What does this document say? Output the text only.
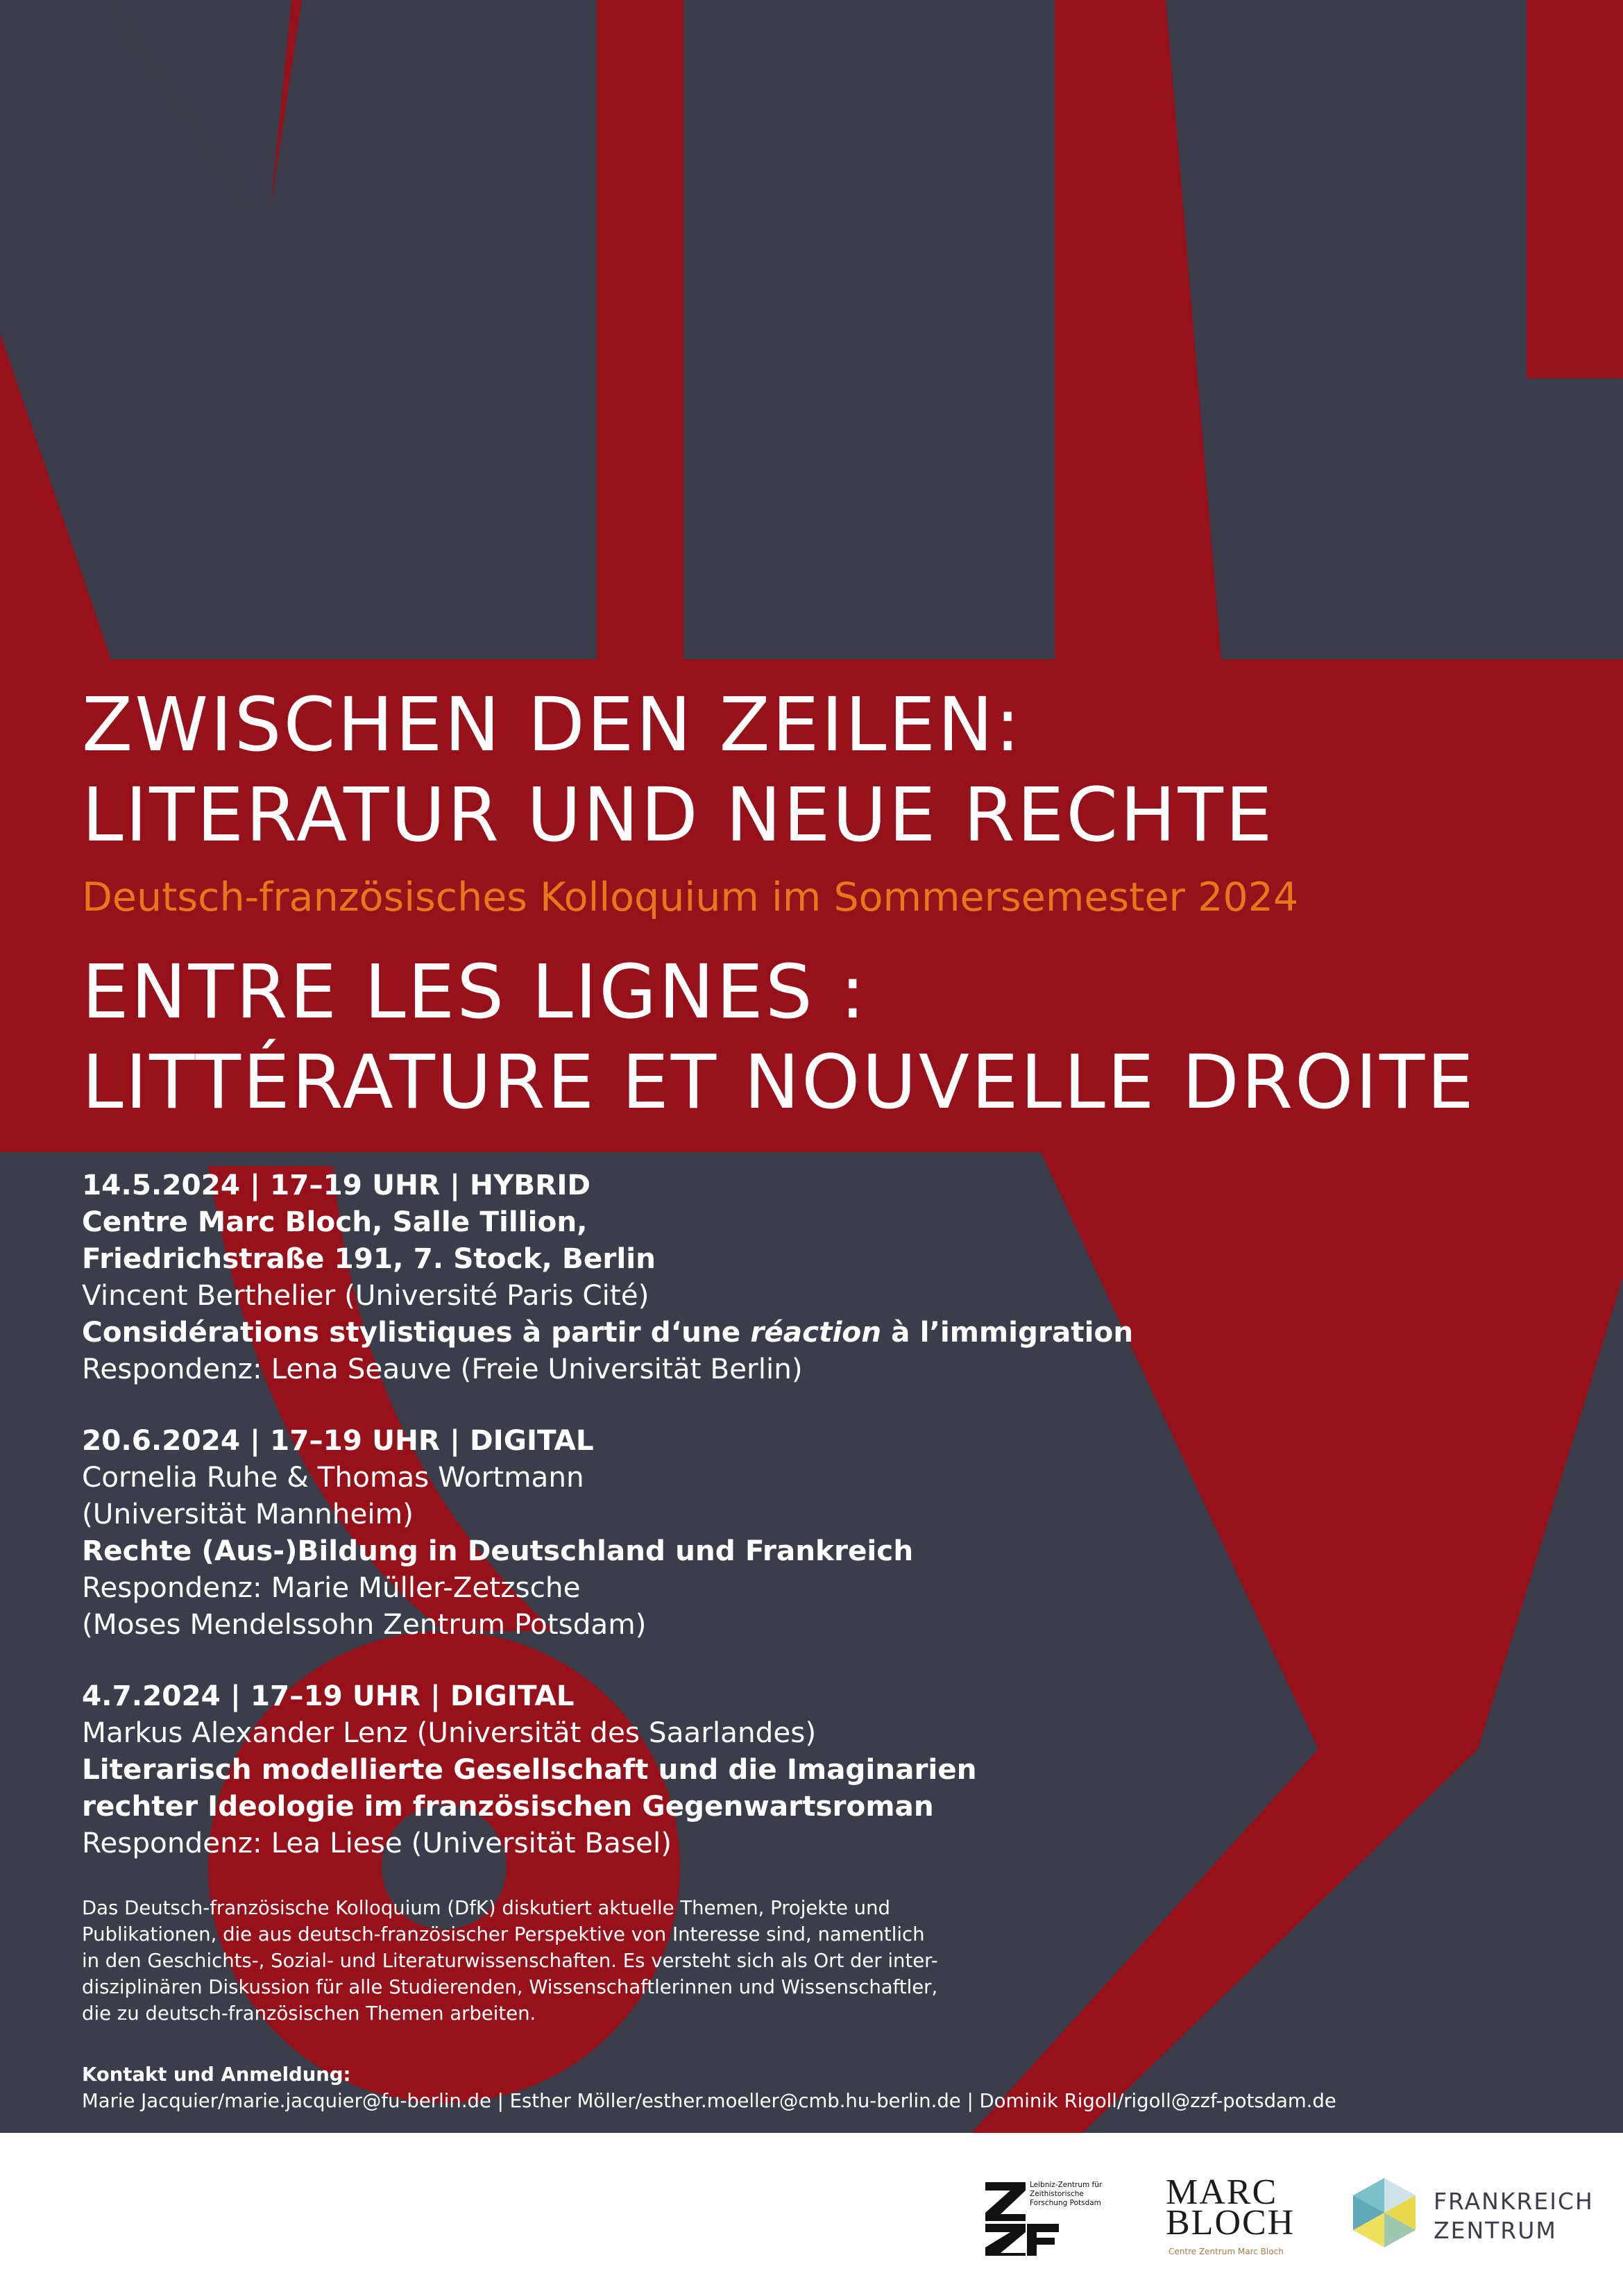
ZWISCHEN DEN ZEILEN:
LITERATUR UND NEUE RECHTE
Deutsch-französisches Kolloquium im Sommersemester 2024
ENTRE LES LIGNES :
LITTÉRATURE ET NOUVELLE DROITE
14.5.2024 | 17–19 UHR | HYBRID
Centre Marc Bloch, Salle Tillion,
Friedrichstraße 191, 7. Stock, Berlin
Vincent Berthelier (Université Paris Cité)
Considérations stylistiques à partir d‘une réaction à l’immigration
Respondenz: Lena Seauve (Freie Universität Berlin)
20.6.2024 | 17–19 UHR | DIGITAL
Cornelia Ruhe & Thomas Wortmann
(Universität Mannheim)
Rechte (Aus-)Bildung in Deutschland und Frankreich
Respondenz: Marie Müller-Zetzsche
(Moses Mendelssohn Zentrum Potsdam)
4.7.2024 | 17–19 UHR | DIGITAL
Markus Alexander Lenz (Universität des Saarlandes)
Literarisch modellierte Gesellschaft und die Imaginarien
rechter Ideologie im französischen Gegenwartsroman
Respondenz: Lea Liese (Universität Basel)
Das Deutsch-französische Kolloquium (DfK) diskutiert aktuelle Themen, Projekte und
Publikationen, die aus deutsch-französischer Perspektive von Interesse sind, namentlich
in den Geschichts-, Sozial- und Literaturwissenschaften. Es versteht sich als Ort der inter-
disziplinären Diskussion für alle Studierenden, Wissenschaftlerinnen und Wissenschaftler,
die zu deutsch-französischen Themen arbeiten.
Kontakt und Anmeldung:
Marie Jacquier/marie.jacquier@fu-berlin.de | Esther Möller/esther.moeller@cmb.hu-berlin.de | Dominik Rigoll/rigoll@zzf-potsdam.de
Leibniz-Zentrum für Zeithistorische Forschung Potsdam	MARC
BLOCH
Centre Zentrum Marc Bloch
FRANKREICH
ZENTRUM
